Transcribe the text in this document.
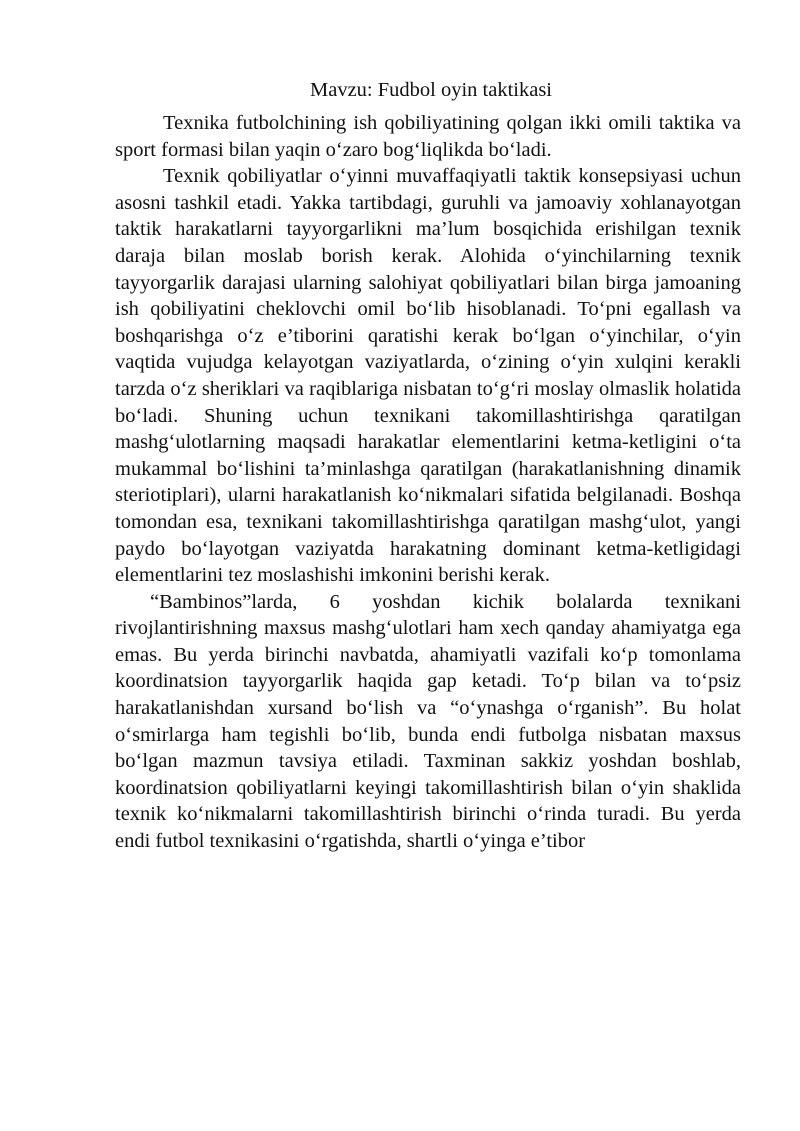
Mavzu: Fudbol oyin taktikasi

Texnika futbolchining ish qobiliyatining qolgan ikki omili taktika va sport formasi bilan yaqin o‘zaro bog‘liqlikda bo‘ladi.

Texnik qobiliyatlar o‘yinni muvaffaqiyatli taktik konsepsiyasi uchun asosni tashkil etadi. Yakka tartibdagi, guruhli va jamoaviy xohlanayotgan taktik harakatlarni tayyorgarlikni ma’lum bosqichida erishilgan texnik daraja bilan moslab borish kerak. Alohida o‘yinchilarning texnik tayyorgarlik darajasi ularning salohiyat qobiliyatlari bilan birga jamoaning ish qobiliyatini cheklovchi omil bo‘lib hisoblanadi. To‘pni egallash va boshqarishga o‘z e’tiborini qaratishi kerak bo‘lgan o‘yinchilar, o‘yin vaqtida vujudga kelayotgan vaziyatlarda, o‘zining o‘yin xulqini kerakli tarzda o‘z sheriklari va raqiblariga nisbatan to‘g‘ri moslay olmaslik holatida bo‘ladi. Shuning uchun texnikani takomillashtirishga qaratilgan mashg‘ulotlarning maqsadi harakatlar elementlarini ketma-ketligini o‘ta mukammal bo‘lishini ta’minlashga qaratilgan (harakatlanishning dinamik steriotiplari), ularni harakatlanish ko‘nikmalari sifatida belgilanadi. Boshqa tomondan esa, texnikani takomillashtirishga qaratilgan mashg‘ulot, yangi paydo bo‘layotgan vaziyatda harakatning dominant ketma-ketligidagi elementlarini tez moslashishi imkonini berishi kerak.

“Bambinos”larda, 6 yoshdan kichik bolalarda texnikani rivojlantirishning maxsus mashg‘ulotlari ham xech qanday ahamiyatga ega emas. Bu yerda birinchi navbatda, ahamiyatli vazifali ko‘p tomonlama koordinatsion tayyorgarlik haqida gap ketadi. To‘p bilan va to‘psiz harakatlanishdan xursand bo‘lish va “o‘ynashga o‘rganish”. Bu holat o‘smirlarga ham tegishli bo‘lib, bunda endi futbolga nisbatan maxsus bo‘lgan mazmun tavsiya etiladi. Taxminan sakkiz yoshdan boshlab, koordinatsion qobiliyatlarni keyingi takomillashtirish bilan o‘yin shaklida texnik ko‘nikmalarni takomillashtirish birinchi o‘rinda turadi. Bu yerda endi futbol texnikasini o‘rgatishda, shartli o‘yinga e’tibor
